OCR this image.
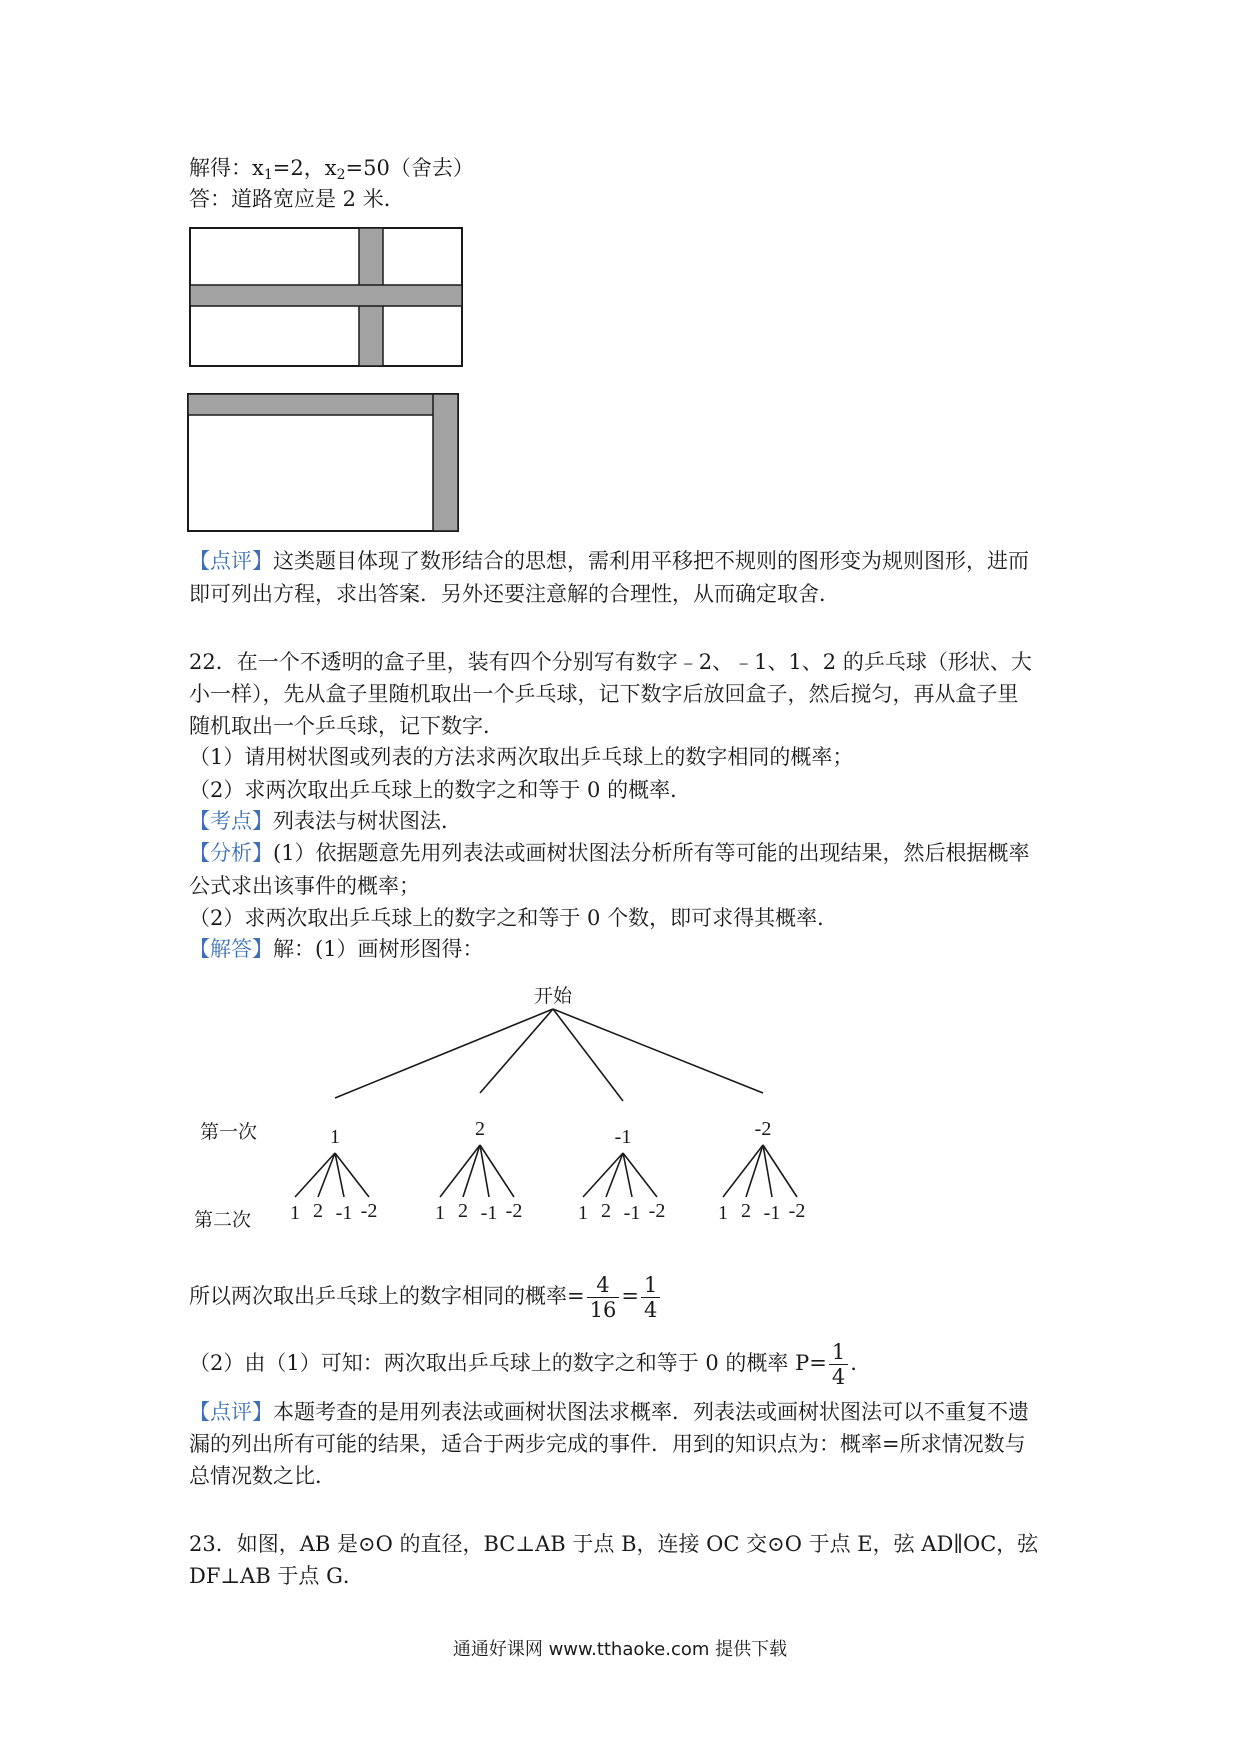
解得：$x_1=2$，$x_2=50$（舍去）
答：道路宽应是 2 米．
【点评】这类题目体现了数形结合的思想，需利用平移把不规则的图形变为规则图形，进而
即可列出方程，求出答案．另外还要注意解的合理性，从而确定取舍．
22．在一个不透明的盒子里，装有四个分别写有数字﹣2、﹣1、1、2 的乒乓球（形状、大
小一样），先从盒子里随机取出一个乒乓球，记下数字后放回盒子，然后搅匀，再从盒子里
随机取出一个乒乓球，记下数字．
（1）请用树状图或列表的方法求两次取出乒乓球上的数字相同的概率；
（2）求两次取出乒乓球上的数字之和等于 0 的概率．
【考点】列表法与树状图法．
【分析】(1）依据题意先用列表法或画树状图法分析所有等可能的出现结果，然后根据概率
公式求出该事件的概率；
（2）求两次取出乒乓球上的数字之和等于 0 个数，即可求得其概率．
【解答】解：(1）画树形图得：
开始
第一次
第二次
1
1 2 -1 -2
2
1 2 -1 -2
-1
1 2 -1 -2
-2
1 2 -1 -2
所以两次取出乒乓球上的数字相同的概率= $\frac{4}{16} = \frac{1}{4}$
（2）由（1）可知：两次取出乒乓球上的数字之和等于 0 的概率 $P= \frac{1}{4}$ .
【点评】本题考查的是用列表法或画树状图法求概率．列表法或画树状图法可以不重复不遗
漏的列出所有可能的结果，适合于两步完成的事件．用到的知识点为：概率=所求情况数与
总情况数之比．
23．如图，AB 是⊙O 的直径，BC⊥AB 于点 B，连接 OC 交⊙O 于点 E，弦 AD∥OC，弦
DF⊥AB 于点 G．
通通好课网 www.tthaoke.com 提供下载
